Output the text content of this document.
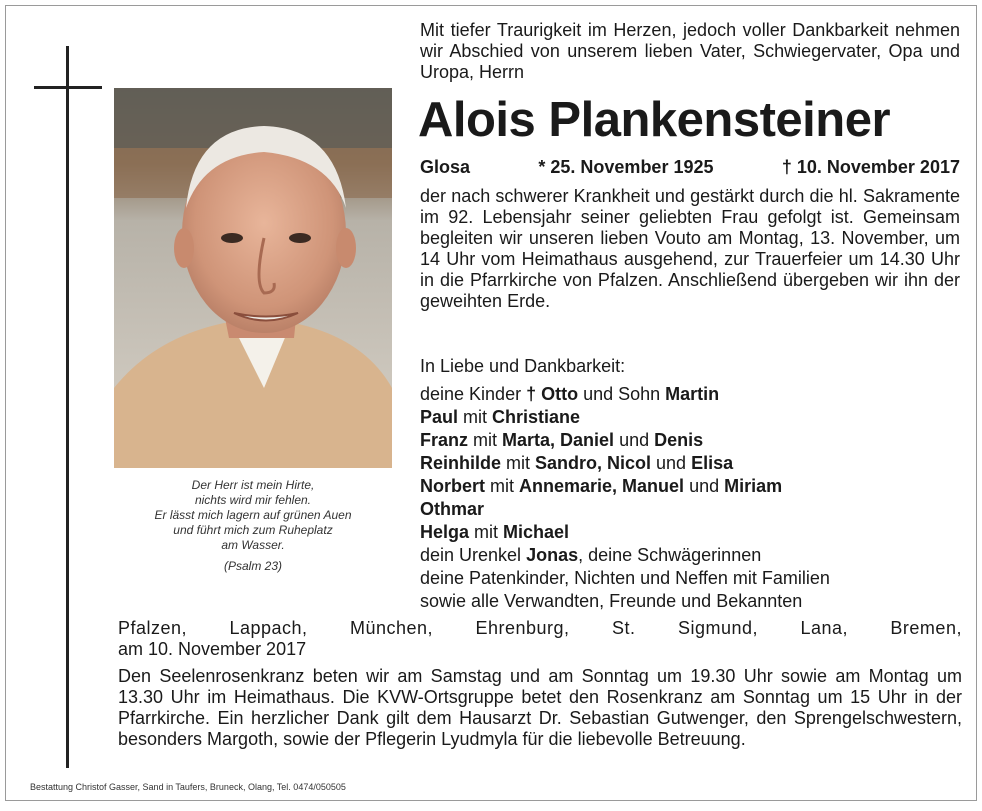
Der Herr ist mein Hirte,
nichts wird mir fehlen.
Er lässt mich lagern auf grünen Auen
und führt mich zum Ruheplatz
am Wasser.
(Psalm 23)
Mit tiefer Traurigkeit im Herzen, jedoch voller Dankbarkeit nehmen wir Abschied von unserem lieben Vater, Schwiegervater, Opa und Uropa, Herrn
Alois Plankensteiner
Glosa	* 25. November 1925	† 10. November 2017
der nach schwerer Krankheit und gestärkt durch die hl. Sakramente im 92. Lebensjahr seiner geliebten Frau gefolgt ist. Gemeinsam begleiten wir unseren lieben Vouto am Montag, 13. November, um 14 Uhr vom Heimathaus ausgehend, zur Trauerfeier um 14.30 Uhr in die Pfarrkirche von Pfalzen. Anschließend übergeben wir ihn der geweihten Erde.
In Liebe und Dankbarkeit:
deine Kinder † Otto und Sohn Martin
Paul mit Christiane
Franz mit Marta, Daniel und Denis
Reinhilde mit Sandro, Nicol und Elisa
Norbert mit Annemarie, Manuel und Miriam
Othmar
Helga mit Michael
dein Urenkel Jonas, deine Schwägerinnen
deine Patenkinder, Nichten und Neffen mit Familien
sowie alle Verwandten, Freunde und Bekannten
Pfalzen, Lappach, München, Ehrenburg, St. Sigmund, Lana, Bremen,
am 10. November 2017
Den Seelenrosenkranz beten wir am Samstag und am Sonntag um 19.30 Uhr sowie am Montag um 13.30 Uhr im Heimathaus. Die KVW-Ortsgruppe betet den Rosenkranz am Sonntag um 15 Uhr in der Pfarrkirche. Ein herzlicher Dank gilt dem Hausarzt Dr. Sebastian Gutwenger, den Sprengelschwestern, besonders Margoth, sowie der Pflegerin Lyudmyla für die liebevolle Betreuung.
Bestattung Christof Gasser, Sand in Taufers, Bruneck, Olang, Tel. 0474/050505
